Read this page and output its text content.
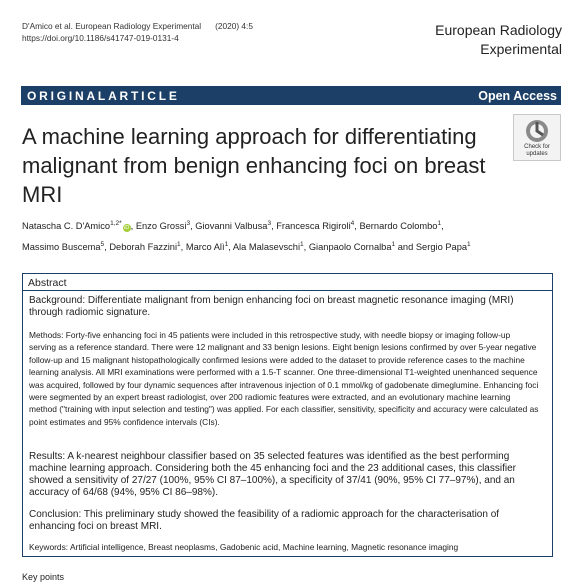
D'Amico et al. European Radiology Experimental (2020) 4:5
https://doi.org/10.1186/s41747-019-0131-4	European Radiology
Experimental
ORIGINALARTICLE	Open Access
A machine learning approach for differentiating malignant from benign enhancing foci on breast MRI
Check for
updates
Natascha C. D'Amico$^{1,2*}$iD, Enzo Grossi$^3$, Giovanni Valbusa$^3$, Francesca Rigiroli$^4$, Bernardo Colombo$^1$,
Massimo Buscema$^5$, Deborah Fazzini$^1$, Marco Alì$^1$, Ala Malasevschi$^1$, Gianpaolo Cornalba$^1$ and Sergio Papa$^1$
Abstract
Background: Differentiate malignant from benign enhancing foci on breast magnetic resonance imaging (MRI) through radiomic signature.
Methods: Forty-five enhancing foci in 45 patients were included in this retrospective study, with needle biopsy or imaging follow-up serving as a reference standard. There were 12 malignant and 33 benign lesions. Eight benign lesions confirmed by over 5-year negative follow-up and 15 malignant histopathologically confirmed lesions were added to the dataset to provide reference cases to the machine learning analysis. All MRI examinations were performed with a 1.5-T scanner. One three-dimensional T1-weighted unenhanced sequence was acquired, followed by four dynamic sequences after intravenous injection of 0.1 mmol/kg of gadobenate dimeglumine. Enhancing foci were segmented by an expert breast radiologist, over 200 radiomic features were extracted, and an evolutionary machine learning method ("training with input selection and testing") was applied. For each classifier, sensitivity, specificity and accuracy were calculated as point estimates and 95% confidence intervals (CIs).
Results: A k-nearest neighbour classifier based on 35 selected features was identified as the best performing machine learning approach. Considering both the 45 enhancing foci and the 23 additional cases, this classifier showed a sensitivity of 27/27 (100%, 95% CI 87–100%), a specificity of 37/41 (90%, 95% CI 77–97%), and an accuracy of 64/68 (94%, 95% CI 86–98%).
Conclusion: This preliminary study showed the feasibility of a radiomic approach for the characterisation of enhancing foci on breast MRI.
Keywords: Artificial intelligence, Breast neoplasms, Gadobenic acid, Machine learning, Magnetic resonance imaging
Key points
